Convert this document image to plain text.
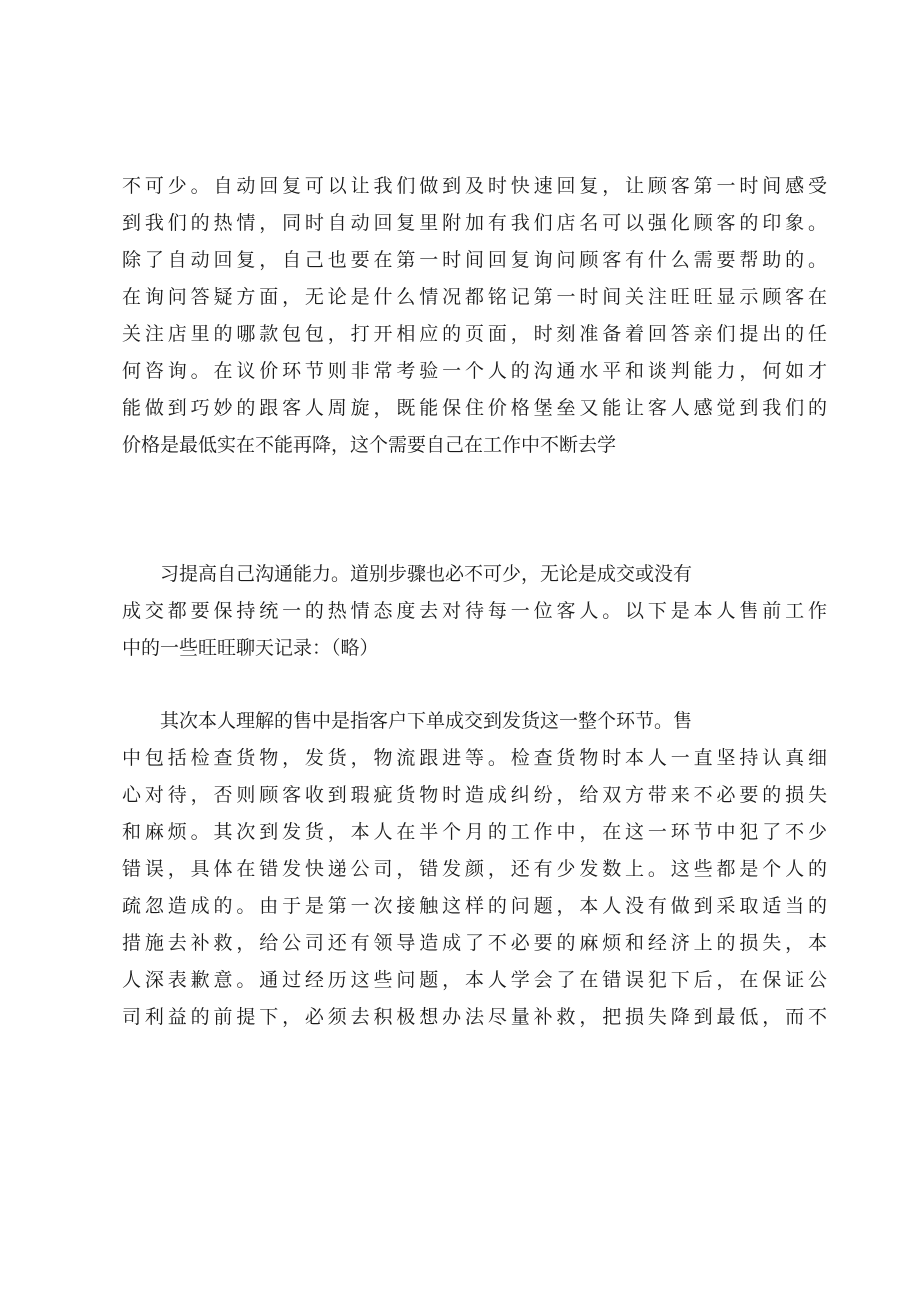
不可少。自动回复可以让我们做到及时快速回复，让顾客第一时间感受
到我们的热情，同时自动回复里附加有我们店名可以强化顾客的印象。
除了自动回复，自己也要在第一时间回复询问顾客有什么需要帮助的。
在询问答疑方面，无论是什么情况都铭记第一时间关注旺旺显示顾客在
关注店里的哪款包包，打开相应的页面，时刻准备着回答亲们提出的任
何咨询。在议价环节则非常考验一个人的沟通水平和谈判能力，何如才
能做到巧妙的跟客人周旋，既能保住价格堡垒又能让客人感觉到我们的
价格是最低实在不能再降，这个需要自己在工作中不断去学
习提高自己沟通能力。道别步骤也必不可少，无论是成交或没有
成交都要保持统一的热情态度去对待每一位客人。以下是本人售前工作
中的一些旺旺聊天记录：（略）
其次本人理解的售中是指客户下单成交到发货这一整个环节。售
中包括检查货物，发货，物流跟进等。检查货物时本人一直坚持认真细
心对待，否则顾客收到瑕疵货物时造成纠纷，给双方带来不必要的损失
和麻烦。其次到发货，本人在半个月的工作中，在这一环节中犯了不少
错误，具体在错发快递公司，错发颜，还有少发数上。这些都是个人的
疏忽造成的。由于是第一次接触这样的问题，本人没有做到采取适当的
措施去补救，给公司还有领导造成了不必要的麻烦和经济上的损失，本
人深表歉意。通过经历这些问题，本人学会了在错误犯下后，在保证公
司利益的前提下，必须去积极想办法尽量补救，把损失降到最低，而不
